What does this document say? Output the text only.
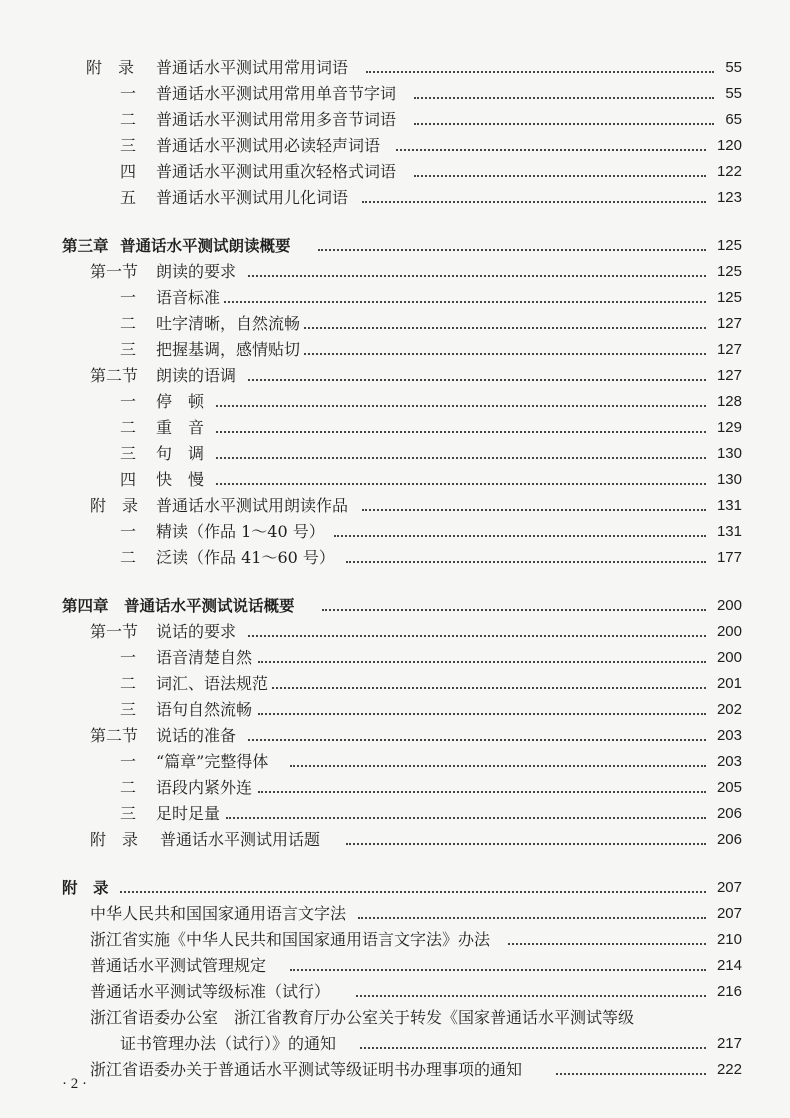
附　录 普通话水平测试用常用词语	55
一 普通话水平测试用常用单音节字词	55
二 普通话水平测试用常用多音节词语	65
三 普通话水平测试用必读轻声词语	120
四 普通话水平测试用重次轻格式词语	122
五 普通话水平测试用儿化词语	123
第三章 普通话水平测试朗读概要	125
第一节 朗读的要求	125
一 语音标准	125
二 吐字清晰，自然流畅	127
三 把握基调，感情贴切	127
第二节 朗读的语调	127
一 停　顿	128
二 重　音	129
三 句　调	130
四 快　慢	130
附　录 普通话水平测试用朗读作品	131
一 精读（作品 1～40 号）	131
二 泛读（作品 41～60 号）	177
第四章 普通话水平测试说话概要	200
第一节 说话的要求	200
一 语音清楚自然	200
二 词汇、语法规范	201
三 语句自然流畅	202
第二节 说话的准备	203
一 “篇章”完整得体	203
二 语段内紧外连	205
三 足时足量	206
附　录 普通话水平测试用话题	206
附　录	207
中华人民共和国国家通用语言文字法	207
浙江省实施《中华人民共和国国家通用语言文字法》办法	210
普通话水平测试管理规定	214
普通话水平测试等级标准（试行）	216
浙江省语委办公室　浙江省教育厅办公室关于转发《国家普通话水平测试等级
证书管理办法（试行）》的通知	217
浙江省语委办关于普通话水平测试等级证明书办理事项的通知	222
· 2 ·
